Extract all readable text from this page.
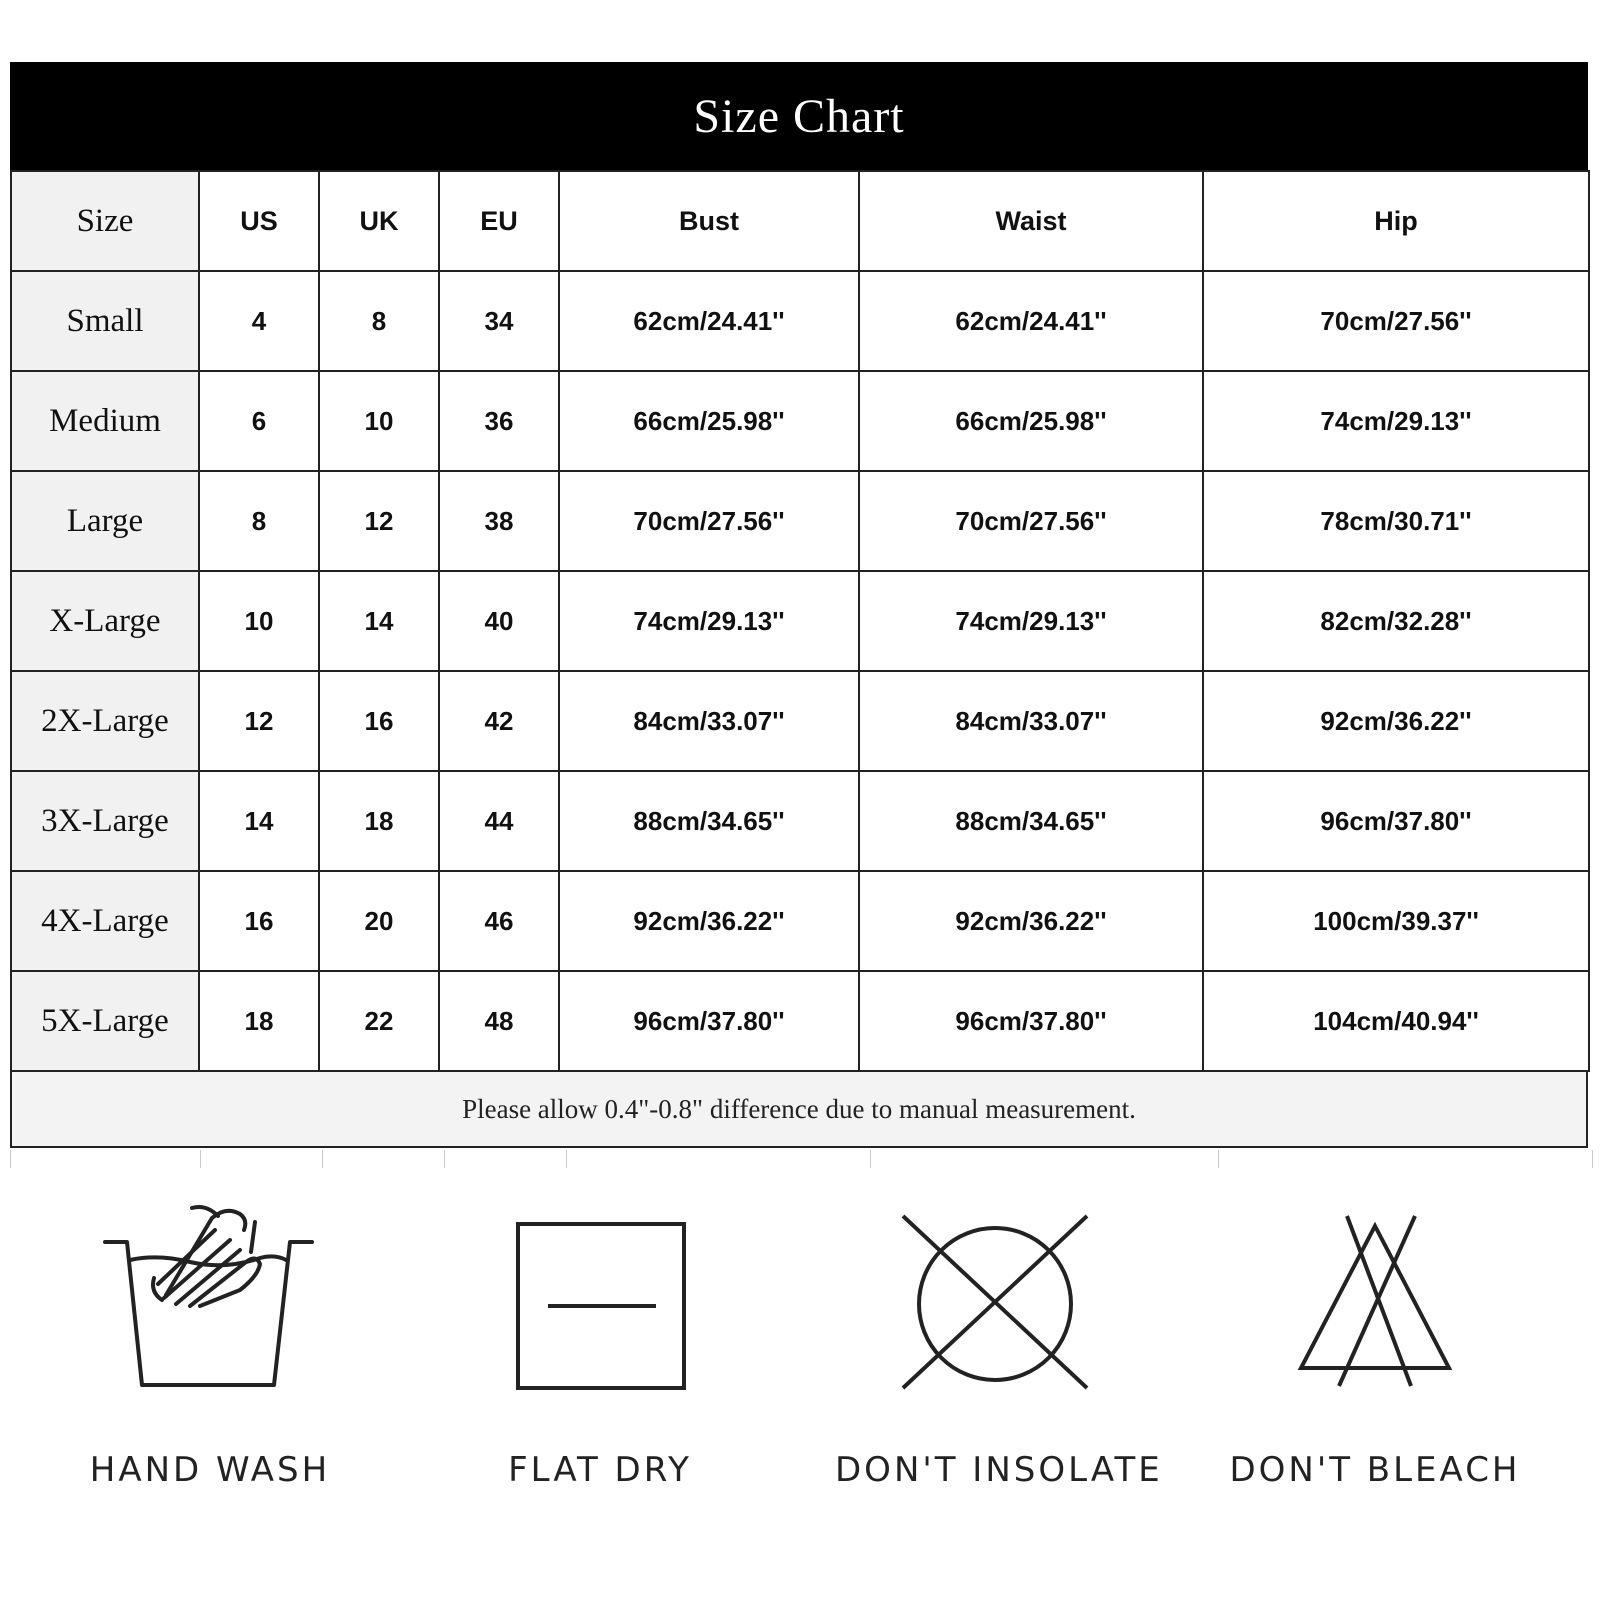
Size Chart
Size	US	UK	EU	Bust	Waist	Hip
Small	4	8	34	62cm/24.41''	62cm/24.41''	70cm/27.56''
Medium	6	10	36	66cm/25.98''	66cm/25.98''	74cm/29.13''
Large	8	12	38	70cm/27.56''	70cm/27.56''	78cm/30.71''
X-Large	10	14	40	74cm/29.13''	74cm/29.13''	82cm/32.28''
2X-Large	12	16	42	84cm/33.07''	84cm/33.07''	92cm/36.22''
3X-Large	14	18	44	88cm/34.65''	88cm/34.65''	96cm/37.80''
4X-Large	16	20	46	92cm/36.22''	92cm/36.22''	100cm/39.37''
5X-Large	18	22	48	96cm/37.80''	96cm/37.80''	104cm/40.94''
Please allow 0.4"-0.8" difference due to manual measurement.
HAND WASH	FLAT DRY	DON'T INSOLATE	DON'T BLEACH
